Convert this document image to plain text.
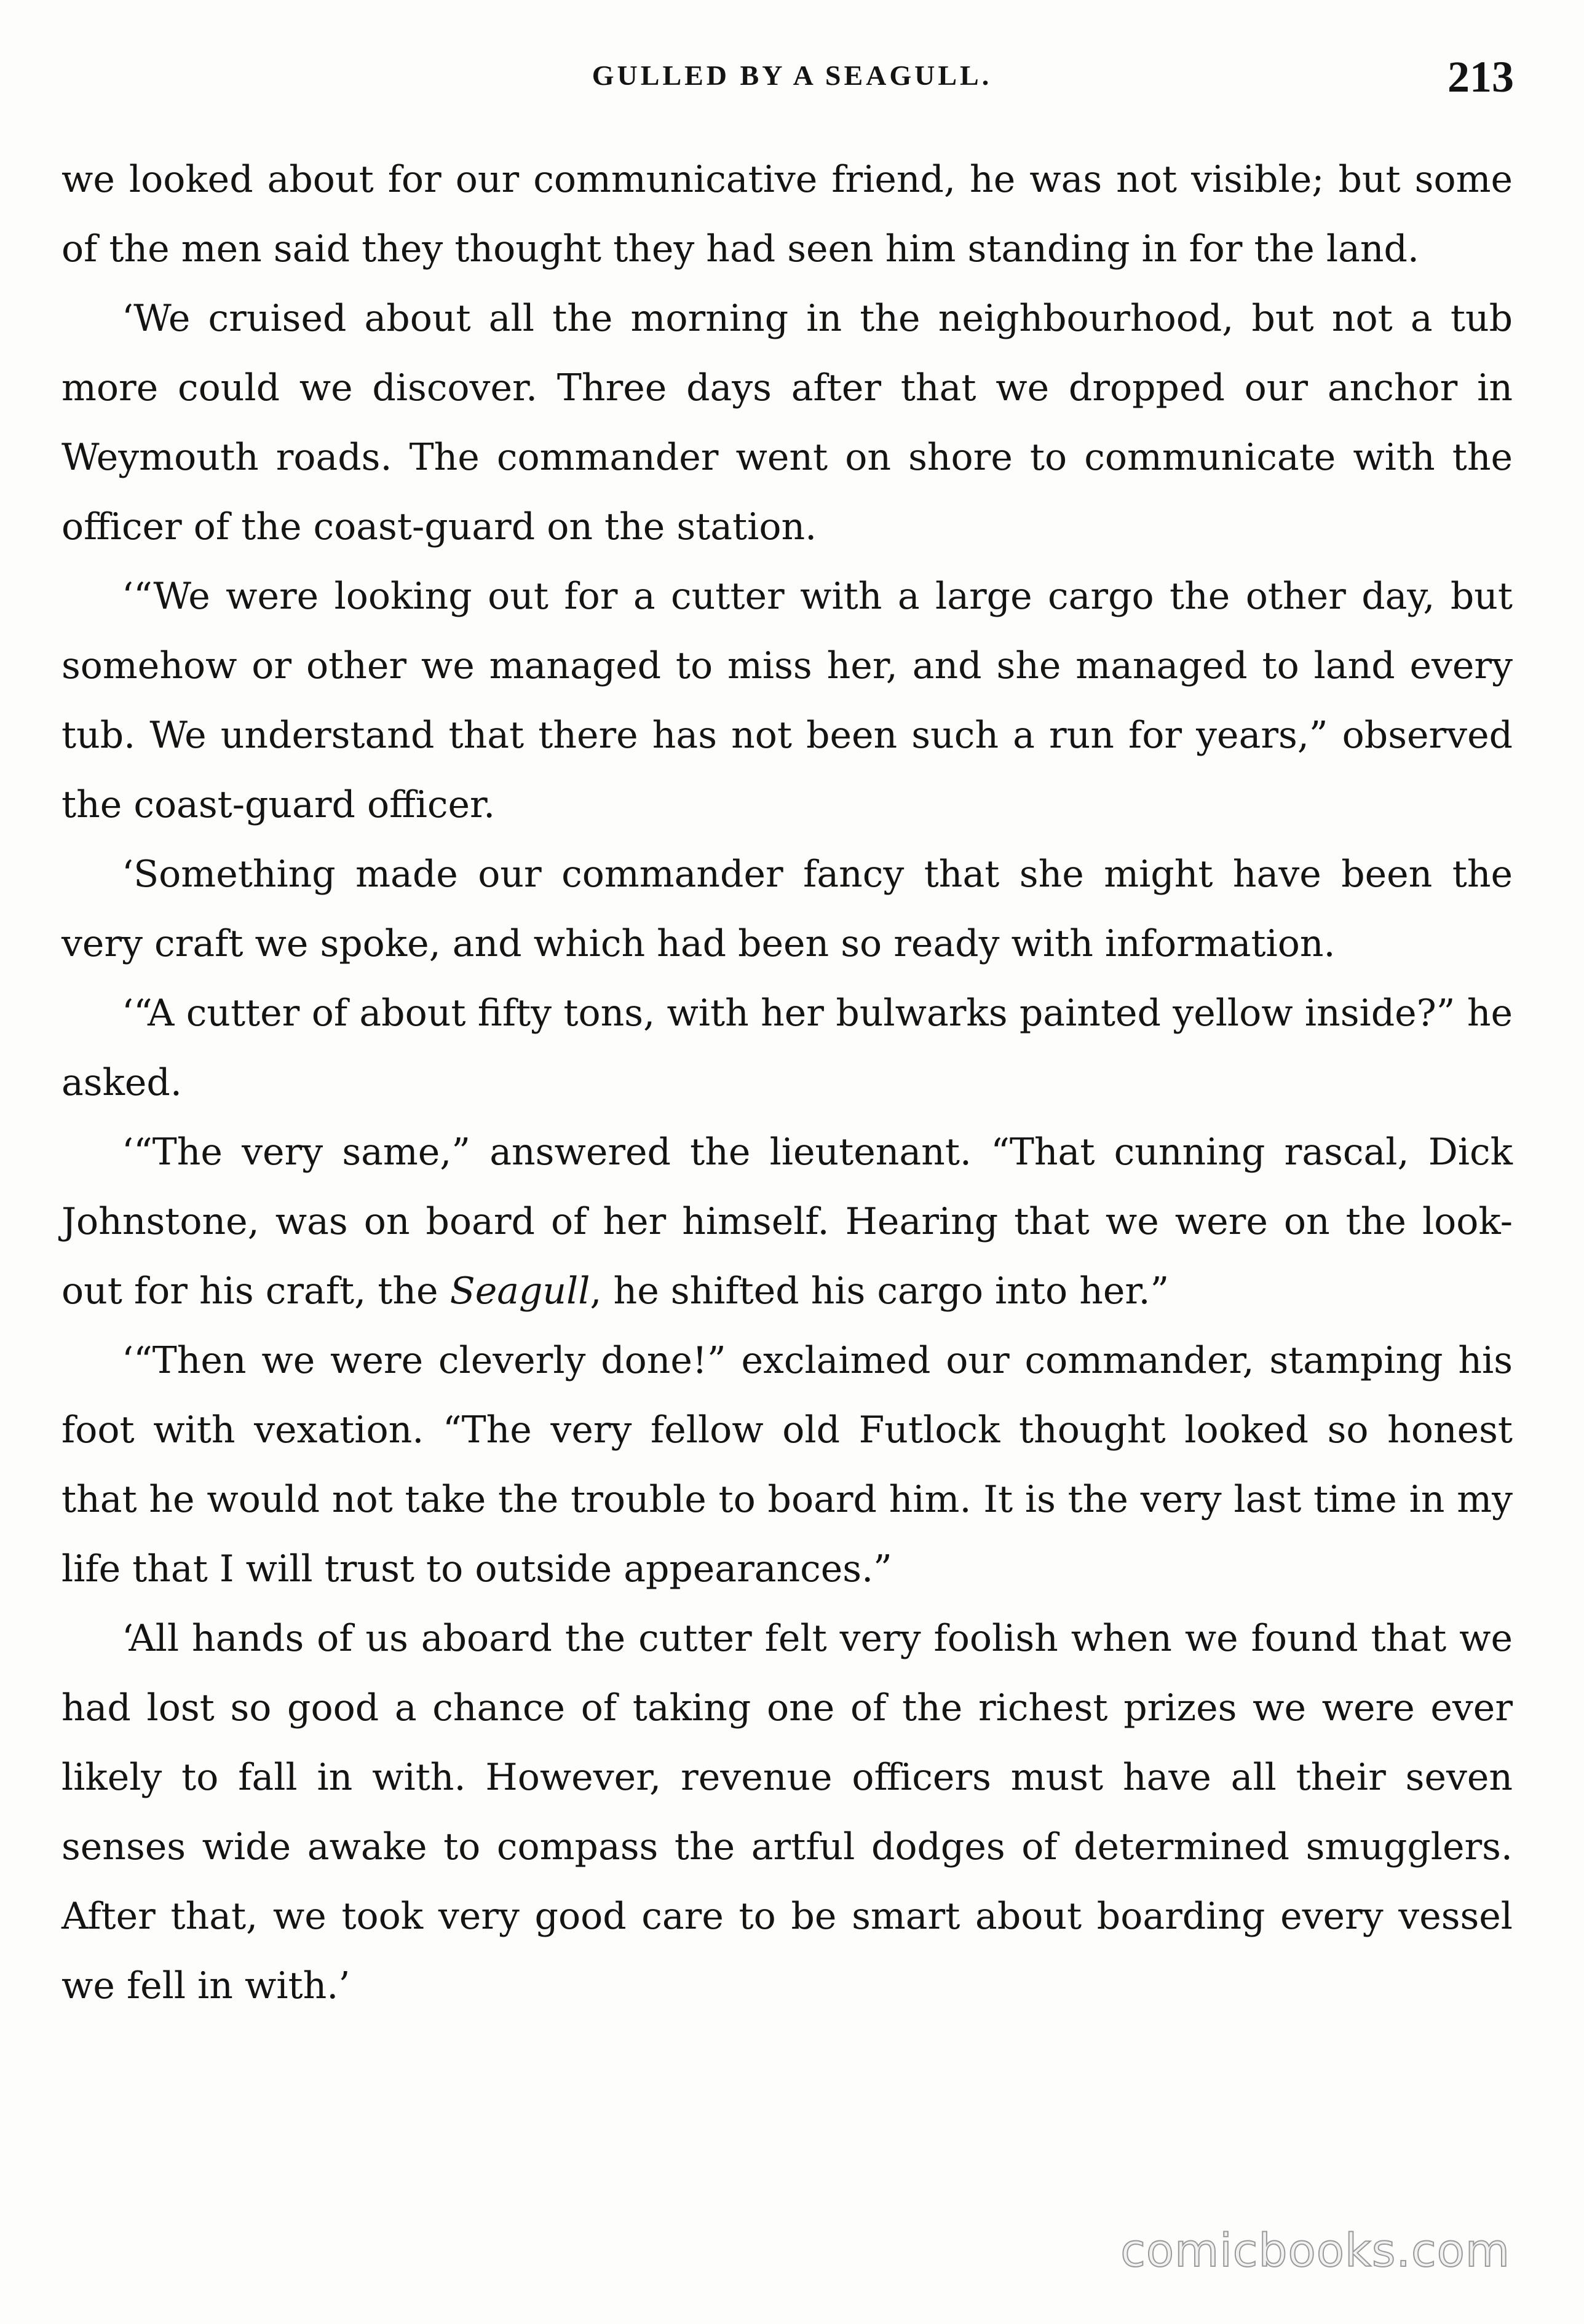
GULLED BY A SEAGULL.	213

we looked about for our communicative friend, he was not visible; but some of the men said they thought they had seen him standing in for the land.

‘We cruised about all the morning in the neighbourhood, but not a tub more could we discover. Three days after that we dropped our anchor in Weymouth roads. The commander went on shore to communicate with the officer of the coast-guard on the station.

‘“We were looking out for a cutter with a large cargo the other day, but somehow or other we managed to miss her, and she managed to land every tub. We understand that there has not been such a run for years,” observed the coast-guard officer.

‘Something made our commander fancy that she might have been the very craft we spoke, and which had been so ready with information.

‘“A cutter of about fifty tons, with her bulwarks painted yellow inside?” he asked.

‘“The very same,” answered the lieutenant. “That cunning rascal, Dick Johnstone, was on board of her himself. Hearing that we were on the look-out for his craft, the Seagull, he shifted his cargo into her.”

‘“Then we were cleverly done!” exclaimed our commander, stamping his foot with vexation. “The very fellow old Futlock thought looked so honest that he would not take the trouble to board him. It is the very last time in my life that I will trust to outside appearances.”

‘All hands of us aboard the cutter felt very foolish when we found that we had lost so good a chance of taking one of the richest prizes we were ever likely to fall in with. However, revenue officers must have all their seven senses wide awake to compass the artful dodges of determined smugglers. After that, we took very good care to be smart about boarding every vessel we fell in with.’

comicbooks.com
